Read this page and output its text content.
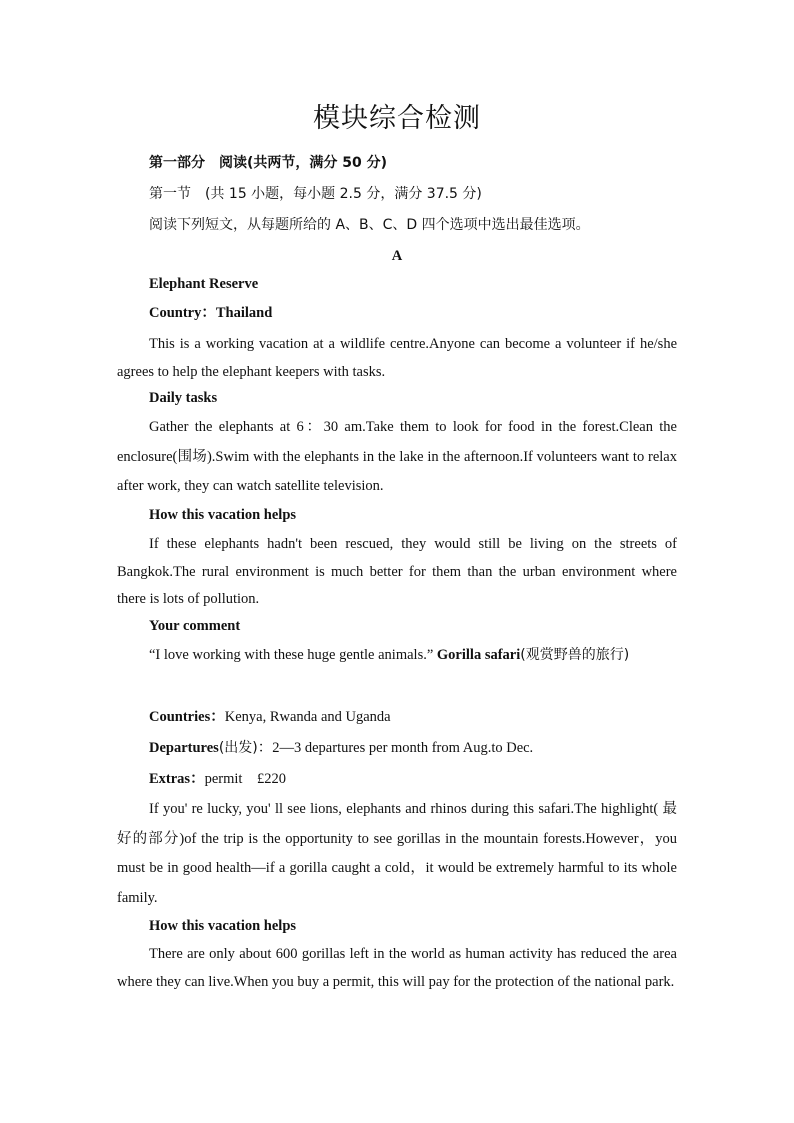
模块综合检测
第一部分　阅读(共两节，满分 50 分)
第一节　(共 15 小题，每小题 2.5 分，满分 37.5 分)
阅读下列短文，从每题所给的 A、B、C、D 四个选项中选出最佳选项。
A
Elephant Reserve
Country：Thailand
This is a working vacation at a wildlife centre.Anyone can become a volunteer if he/she agrees to help the elephant keepers with tasks.
Daily tasks
Gather the elephants at 6：30 am.Take them to look for food in the forest.Clean the enclosure(围场).Swim with the elephants in the lake in the afternoon.If volunteers want to relax after work, they can watch satellite television.
How this vacation helps
If these elephants hadn't been rescued, they would still be living on the streets of Bangkok.The rural environment is much better for them than the urban environment where there is lots of pollution.
Your comment
“I love working with these huge gentle animals.” Gorilla safari(观赏野兽的旅行)
Countries：Kenya, Rwanda and Uganda
Departures(出发)：2—3 departures per month from Aug.to Dec.
Extras：permit　£220
If you' re lucky, you' ll see lions, elephants and rhinos during this safari.The highlight( 最好的部分)of the trip is the opportunity to see gorillas in the mountain forests.However，you must be in good health—if a gorilla caught a cold，it would be extremely harmful to its whole family.
How this vacation helps
There are only about 600 gorillas left in the world as human activity has reduced the area where they can live.When you buy a permit, this will pay for the protection of the national park.
